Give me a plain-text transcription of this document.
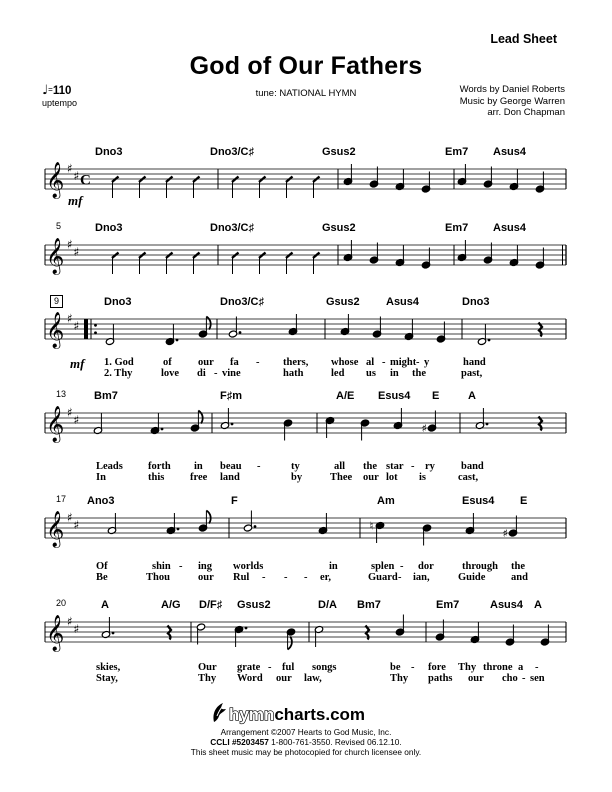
Lead Sheet
God of Our Fathers
♩=110
uptempo
tune: NATIONAL HYMN	Words by Daniel Roberts
Music by George Warren
arr. Don Chapman
𝄞 ♯
♯ C
𝄞 ♯
♯
𝄞 ♯
♯
𝄞 ♯
♯
♯
𝄞 ♯
♯	♮
♯
𝄞 ♯
♯
Dno3	Dno3/C♯	Gsus2	Em7 Asus4
mf
5	Dno3	Dno3/C♯	Gsus2	Em7 Asus4
9	Dno3	Dno3/C♯	Gsus2 Asus4	Dno3
mf 1. God	of	our fa - thers, whose al - might - y	hand
2. Thy	love di - vine	hath	led us in the	past,
13	Bm7	F♯m	A/E Esus4 E	A
Leads forth in beau -	ty	all the star - ry band
In	this free land	by	Thee our lot is	cast,
17 Ano3	F	Am	Esus4 E
Of	shin - ing worlds	in	splen - dor	through the
Be	Thou	our Rul - - - er,	Guard - ian,	Guide and
20	A	A/G D/F♯ Gsus2	D/A Bm7	Em7	Asus4 A
skies,	Our grate - ful songs	be - fore Thy throne a -
Stay,	Thy Word our law,	Thy paths our cho - sen
hymncharts.com
Arrangement ©2007 Hearts to God Music, Inc.
CCLI #5203457 1-800-761-3550. Revised 06.12.10.
This sheet music may be photocopied for church licensee only.
